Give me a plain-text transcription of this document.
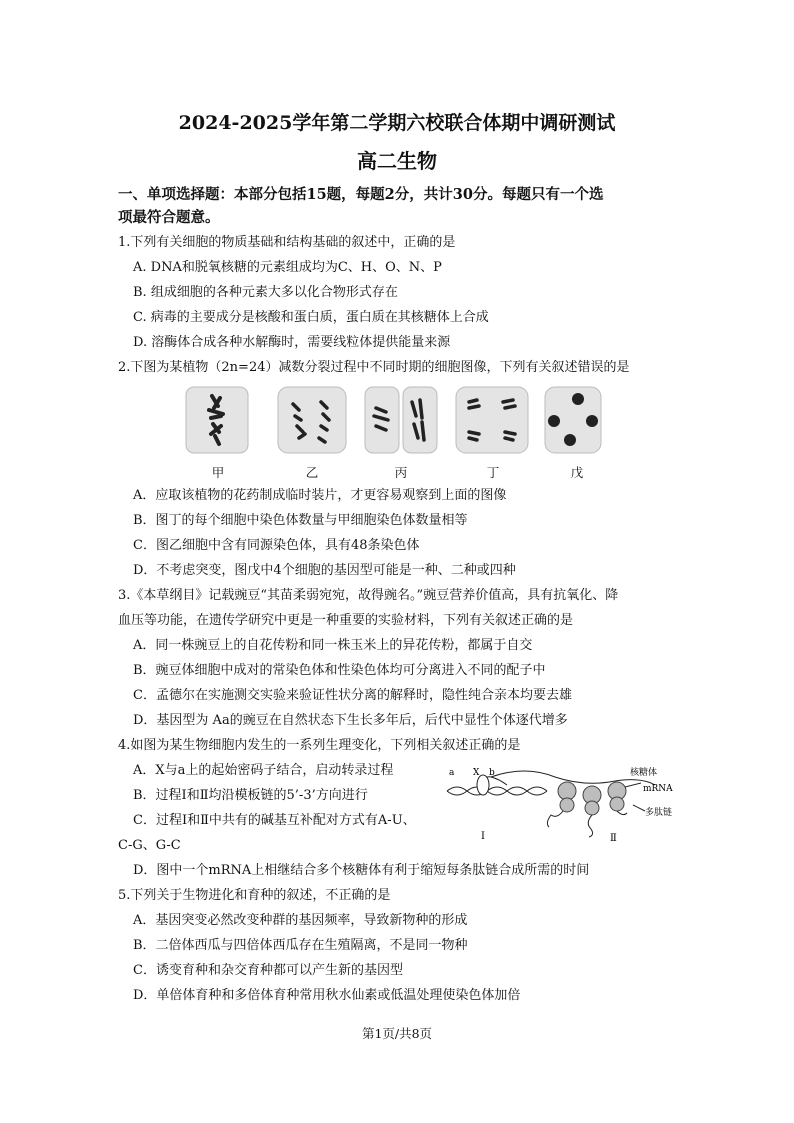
2024-2025学年第二学期六校联合体期中调研测试
高二生物
一、单项选择题：本部分包括15题，每题2分，共计30分。每题只有一个选
项最符合题意。
1.下列有关细胞的物质基础和结构基础的叙述中，正确的是
A. DNA和脱氧核糖的元素组成均为C、H、O、N、P
B. 组成细胞的各种元素大多以化合物形式存在
C. 病毒的主要成分是核酸和蛋白质，蛋白质在其核糖体上合成
D. 溶酶体合成各种水解酶时，需要线粒体提供能量来源
2.下图为某植物（2n=24）减数分裂过程中不同时期的细胞图像，下列有关叙述错误的是
甲	乙	丙	丁	戊
A．应取该植物的花药制成临时装片，才更容易观察到上面的图像
B．图丁的每个细胞中染色体数量与甲细胞染色体数量相等
C．图乙细胞中含有同源染色体，具有48条染色体
D．不考虑突变，图戊中4个细胞的基因型可能是一种、二种或四种
3.《本草纲目》记载豌豆“其苗柔弱宛宛，故得豌名。”豌豆营养价值高，具有抗氧化、降
血压等功能，在遗传学研究中更是一种重要的实验材料，下列有关叙述正确的是
A．同一株豌豆上的自花传粉和同一株玉米上的异花传粉，都属于自交
B．豌豆体细胞中成对的常染色体和性染色体均可分离进入不同的配子中
C．孟德尔在实施测交实验来验证性状分离的解释时，隐性纯合亲本均要去雄
D．基因型为 Aa的豌豆在自然状态下生长多年后，后代中显性个体逐代增多
4.如图为某生物细胞内发生的一系列生理变化，下列相关叙述正确的是
A．X与a上的起始密码子结合，启动转录过程
B．过程Ⅰ和Ⅱ均沿模板链的5’-3’方向进行
C．过程Ⅰ和Ⅱ中共有的碱基互补配对方式有A-U、
C-G、G-C
D．图中一个mRNA上相继结合多个核糖体有利于缩短每条肽链合成所需的时间
a X b	核糖体
mRNA
多肽链
Ⅰ	Ⅱ
5.下列关于生物进化和育种的叙述，不正确的是
A．基因突变必然改变种群的基因频率，导致新物种的形成
B．二倍体西瓜与四倍体西瓜存在生殖隔离，不是同一物种
C．诱变育种和杂交育种都可以产生新的基因型
D．单倍体育种和多倍体育种常用秋水仙素或低温处理使染色体加倍
第1页/共8页
